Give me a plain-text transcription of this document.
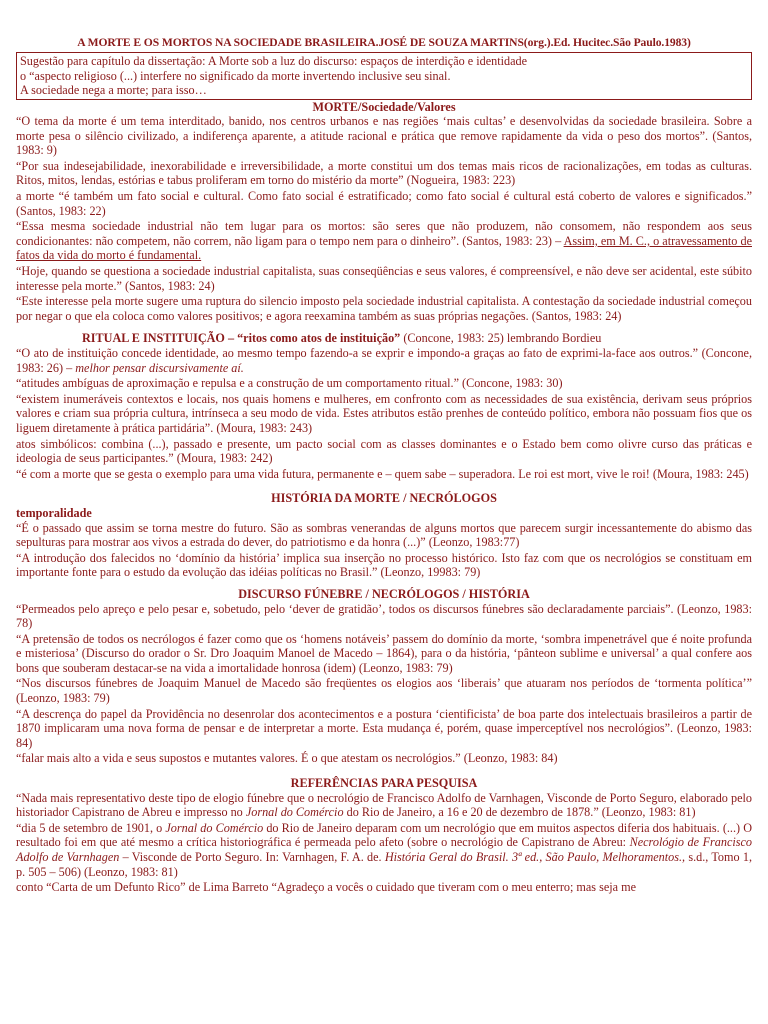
A MORTE E OS MORTOS NA SOCIEDADE BRASILEIRA.JOSÉ DE SOUZA MARTINS(org.).Ed. Hucitec.São Paulo.1983)
Sugestão para capítulo da dissertação: A Morte sob a luz do discurso: espaços de interdição e identidade
o “aspecto religioso (...) interfere no significado da morte invertendo inclusive seu sinal.
A sociedade nega a morte; para isso…
MORTE/Sociedade/Valores

“O tema da morte é um tema interditado, banido, nos centros urbanos e nas regiões ‘mais cultas’ e desenvolvidas da sociedade brasileira. Sobre a morte pesa o silêncio civilizado, a indiferença aparente, a atitude racional e prática que remove rapidamente da vida o peso dos mortos”. (Santos, 1983: 9)

“Por sua indesejabilidade, inexorabilidade e irreversibilidade, a morte constitui um dos temas mais ricos de racionalizações, em todas as culturas. Ritos, mitos, lendas, estórias e tabus proliferam em torno do mistério da morte” (Nogueira, 1983: 223)

a morte “é também um fato social e cultural. Como fato social é estratificado; como fato social é cultural está coberto de valores e significados.” (Santos, 1983: 22)

“Essa mesma sociedade industrial não tem lugar para os mortos: são seres que não produzem, não consomem, não respondem aos seus condicionantes: não competem, não correm, não ligam para o tempo nem para o dinheiro”. (Santos, 1983: 23) – Assim, em M. C., o atravessamento de fatos da vida do morto é fundamental.

“Hoje, quando se questiona a sociedade industrial capitalista, suas conseqüências e seus valores, é compreensível, e não deve ser acidental, este súbito interesse pela morte.” (Santos, 1983: 24)

“Este interesse pela morte sugere uma ruptura do silencio imposto pela sociedade industrial capitalista. A contestação da sociedade industrial começou por negar o que ela coloca como valores positivos; e agora reexamina também as suas próprias negações. (Santos, 1983: 24)

RITUAL E INSTITUIÇÃO – “ritos como atos de instituição” (Concone, 1983: 25) lembrando Bordieu

“O ato de instituição concede identidade, ao mesmo tempo fazendo-a se exprir e impondo-a graças ao fato de exprimi-la-face aos outros.” (Concone, 1983: 26) – melhor pensar discursivamente aí.

“atitudes ambíguas de aproximação e repulsa e a construção de um comportamento ritual.” (Concone, 1983: 30)

“existem inumeráveis contextos e locais, nos quais homens e mulheres, em confronto com as necessidades de sua existência, derivam seus próprios valores e criam sua própria cultura, intrínseca a seu modo de vida. Estes atributos estão prenhes de conteúdo político, embora não possuam fios que os liguem diretamente à prática partidária”. (Moura, 1983: 243)

atos simbólicos: combina (...), passado e presente, um pacto social com as classes dominantes e o Estado bem como olivre curso das práticas e ideologia de seus participantes.” (Moura, 1983: 242)

“é com a morte que se gesta o exemplo para uma vida futura, permanente e – quem sabe – superadora. Le roi est mort, vive le roi! (Moura, 1983: 245)

HISTÓRIA DA MORTE / NECRÓLOGOS
temporalidade

“É o passado que assim se torna mestre do futuro. São as sombras venerandas de alguns mortos que parecem surgir incessantemente do abismo das sepulturas para mostrar aos vivos a estrada do dever, do patriotismo e da honra (...)” (Leonzo, 1983:77)

“A introdução dos falecidos no ‘domínio da história’ implica sua inserção no processo histórico. Isto faz com que os necrológios se constituam em importante fonte para o estudo da evolução das idéias políticas no Brasil.” (Leonzo, 19983: 79)

DISCURSO FÚNEBRE / NECRÓLOGOS / HISTÓRIA

“Permeados pelo apreço e pelo pesar e, sobetudo, pelo ‘dever de gratidão’, todos os discursos fúnebres são declaradamente parciais”. (Leonzo, 1983: 78)

“A pretensão de todos os necrólogos é fazer como que os ‘homens notáveis’ passem do domínio da morte, ‘sombra impenetrável que é noite profunda e misteriosa’ (Discurso do orador o Sr. Dro Joaquim Manoel de Macedo – 1864), para o da história, ‘pânteon sublime e universal’ a qual confere aos bons que souberam destacar-se na vida a imortalidade honrosa (idem) (Leonzo, 1983: 79)

“Nos discursos fúnebres de Joaquim Manuel de Macedo são freqüentes os elogios aos ‘liberais’ que atuaram nos períodos de ‘tormenta política’” (Leonzo, 1983: 79)

“A descrença do papel da Providência no desenrolar dos acontecimentos e a postura ‘cientificista’ de boa parte dos intelectuais brasileiros a partir de 1870 implicaram uma nova forma de pensar e de interpretar a morte. Esta mudança é, porém, quase imperceptível nos necrológios”. (Leonzo, 1983: 84)

“falar mais alto a vida e seus supostos e mutantes valores. É o que atestam os necrológios.” (Leonzo, 1983: 84)

REFERÊNCIAS PARA PESQUISA

“Nada mais representativo deste tipo de elogio fúnebre que o necrológio de Francisco Adolfo de Varnhagen, Visconde de Porto Seguro, elaborado pelo historiador Capistrano de Abreu e impresso no Jornal do Comércio do Rio de Janeiro, a 16 e 20 de dezembro de 1878.” (Leonzo, 1983: 81)

“dia 5 de setembro de 1901, o Jornal do Comércio do Rio de Janeiro deparam com um necrológio que em muitos aspectos diferia dos habituais. (...) O resultado foi em que até mesmo a crítica historiográfica é permeada pelo afeto (sobre o necrológio de Capistrano de Abreu: Necrológio de Francisco Adolfo de Varnhagen – Visconde de Porto Seguro. In: Varnhagen, F. A. de. História Geral do Brasil. 3ª ed., São Paulo, Melhoramentos., s.d., Tomo 1, p. 505 – 506) (Leonzo, 1983: 81)

conto “Carta de um Defunto Rico” de Lima Barreto “Agradeço a vocês o cuidado que tiveram com o meu enterro; mas seja me
